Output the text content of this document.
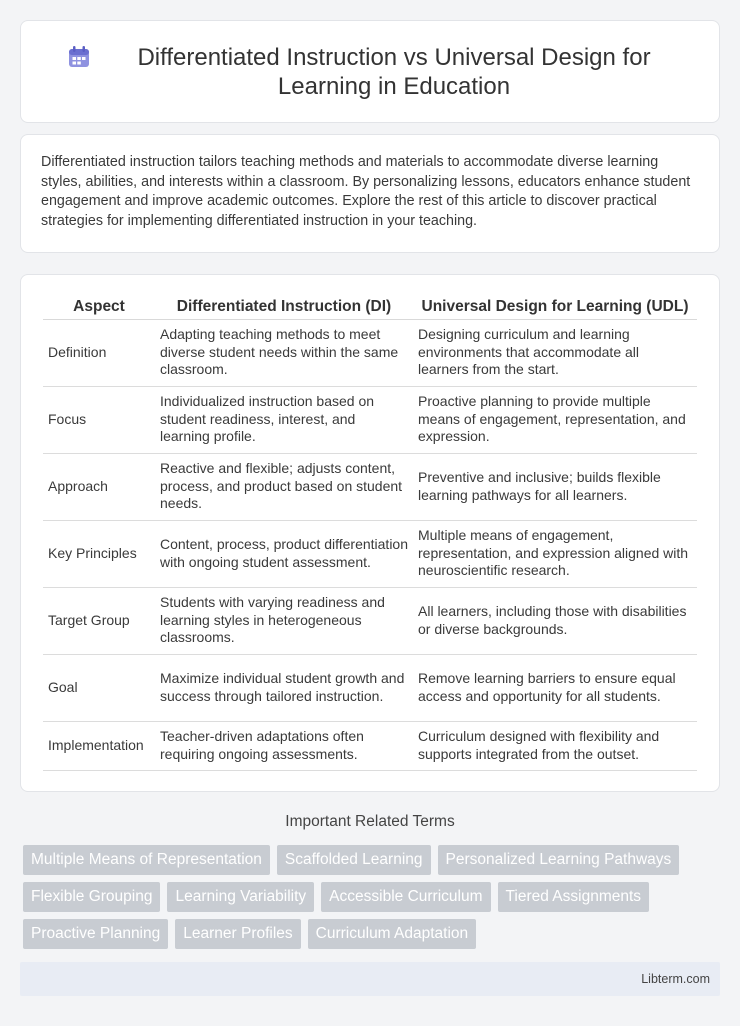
Differentiated Instruction vs Universal Design for Learning in Education

Differentiated instruction tailors teaching methods and materials to accommodate diverse learning styles, abilities, and interests within a classroom. By personalizing lessons, educators enhance student engagement and improve academic outcomes. Explore the rest of this article to discover practical strategies for implementing differentiated instruction in your teaching.

Aspect	Differentiated Instruction (DI)	Universal Design for Learning (UDL)
Definition	Adapting teaching methods to meet diverse student needs within the same classroom.	Designing curriculum and learning environments that accommodate all learners from the start.
Focus	Individualized instruction based on student readiness, interest, and learning profile.	Proactive planning to provide multiple means of engagement, representation, and expression.
Approach	Reactive and flexible; adjusts content, process, and product based on student needs.	Preventive and inclusive; builds flexible learning pathways for all learners.
Key Principles	Content, process, product differentiation with ongoing student assessment.	Multiple means of engagement, representation, and expression aligned with neuroscientific research.
Target Group	Students with varying readiness and learning styles in heterogeneous classrooms.	All learners, including those with disabilities or diverse backgrounds.
Goal	Maximize individual student growth and success through tailored instruction.	Remove learning barriers to ensure equal access and opportunity for all students.
Implementation	Teacher-driven adaptations often requiring ongoing assessments.	Curriculum designed with flexibility and supports integrated from the outset.
Important Related Terms
Multiple Means of Representation	Scaffolded Learning	Personalized Learning Pathways
Flexible Grouping	Learning Variability	Accessible Curriculum	Tiered Assignments
Proactive Planning	Learner Profiles	Curriculum Adaptation
Libterm.com
